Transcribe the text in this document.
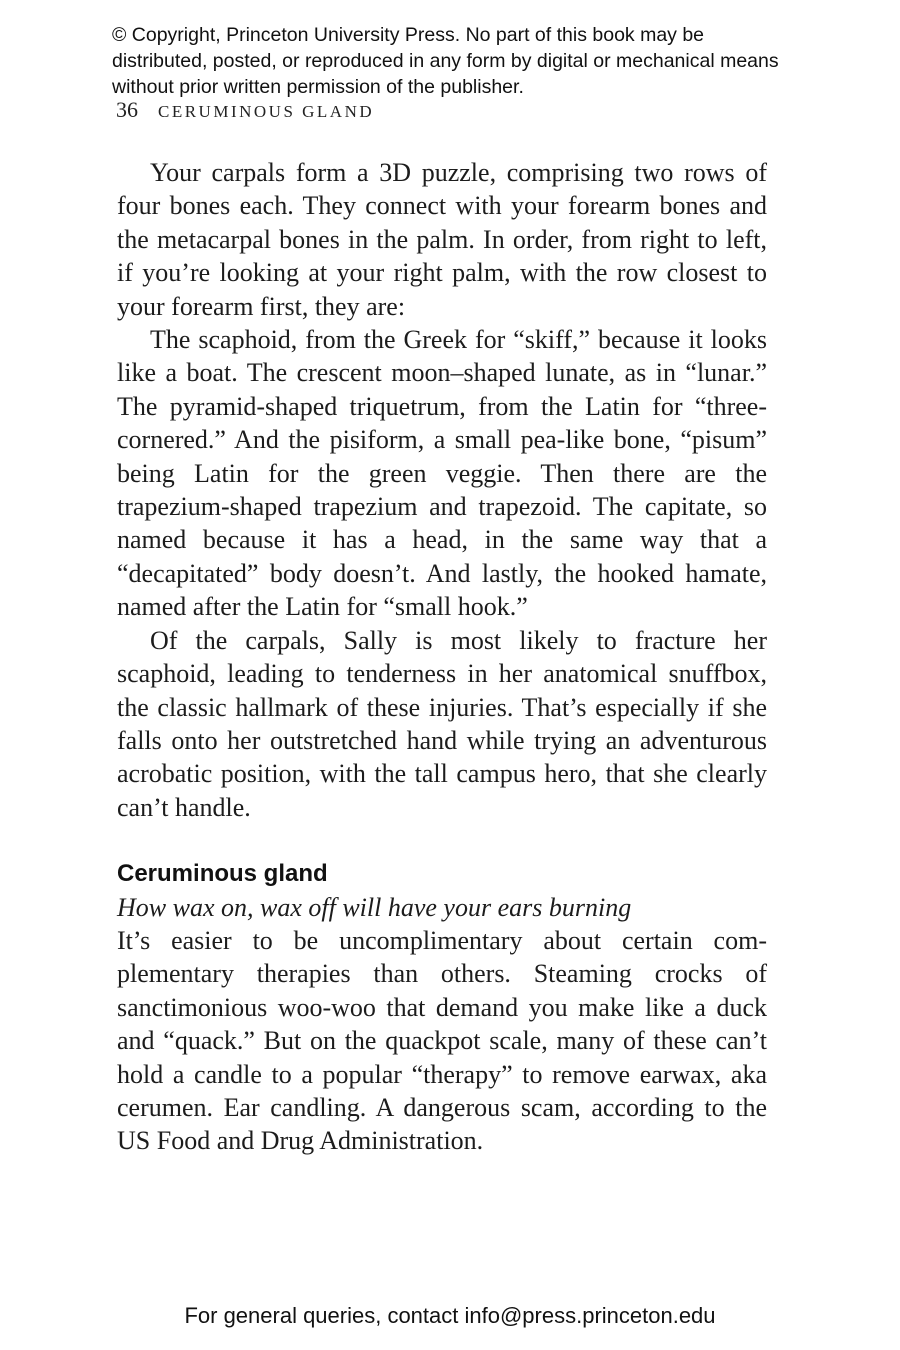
© Copyright, Princeton University Press. No part of this book may be distributed, posted, or reproduced in any form by digital or mechanical means without prior written permission of the publisher.
36 CERUMINOUS GLAND

Your carpals form a 3D puzzle, comprising two rows of four bones each. They connect with your forearm bones and the metacarpal bones in the palm. In order, from right to left, if you’re looking at your right palm, with the row closest to your forearm first, they are:

The scaphoid, from the Greek for “skiff,” because it looks like a boat. The crescent moon–shaped lunate, as in “lunar.” The pyramid-shaped triquetrum, from the Latin for “three-cornered.” And the pisiform, a small pea-like bone, “pisum” being Latin for the green veggie. Then there are the trapezium-shaped trapezium and trapezoid. The capitate, so named because it has a head, in the same way that a “decapitated” body doesn’t. And lastly, the hooked hamate, named after the Latin for “small hook.”

Of the carpals, Sally is most likely to fracture her scaphoid, leading to tenderness in her anatomical snuffbox, the classic hallmark of these injuries. That’s especially if she falls onto her outstretched hand while trying an adventurous acrobatic position, with the tall campus hero, that she clearly can’t handle.

Ceruminous gland

How wax on, wax off will have your ears burning

It’s easier to be uncomplimentary about certain complementary therapies than others. Steaming crocks of sanctimonious woo-woo that demand you make like a duck and “quack.” But on the quackpot scale, many of these can’t hold a candle to a popular “therapy” to remove earwax, aka cerumen. Ear candling. A dangerous scam, according to the US Food and Drug Administration.

For general queries, contact info@press.princeton.edu
